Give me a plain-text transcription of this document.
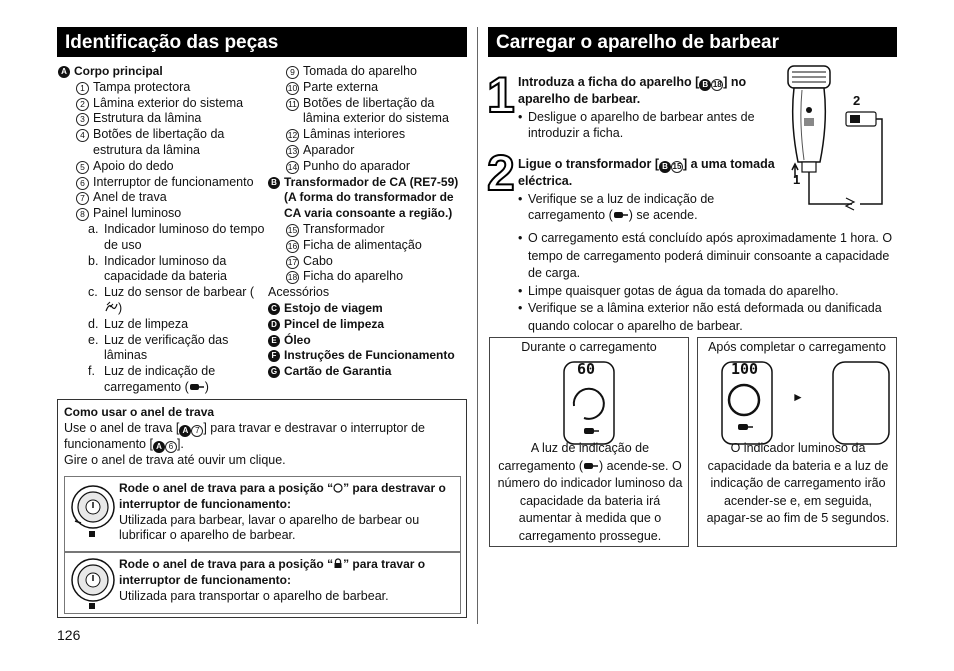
Identificação das peças
A Corpo principal
1 Tampa protectora
2 Lâmina exterior do sistema
3 Estrutura da lâmina
4 Botões de libertação da estrutura da lâmina
5 Apoio do dedo
6 Interruptor de funcionamento
7 Anel de trava
8 Painel luminoso
a. Indicador luminoso do tempo de uso
b. Indicador luminoso da capacidade da bateria
c. Luz do sensor de barbear ()
d. Luz de limpeza
e. Luz de verificação das lâminas
f. Luz de indicação de carregamento ( )
9 Tomada do aparelho
10 Parte externa
11 Botões de libertação da lâmina exterior do sistema
12 Lâminas interiores
13 Aparador
14 Punho do aparador
B Transformador de CA (RE7-59) (A forma do transformador de CA varia consoante a região.)
15 Transformador
16 Ficha de alimentação
17 Cabo
18 Ficha do aparelho
Acessórios
C Estojo de viagem
D Pincel de limpeza
E Óleo
F Instruções de Funcionamento
G Cartão de Garantia
Como usar o anel de trava
Use o anel de trava [ A 7 ] para travar e destravar o interruptor de
funcionamento [ A 6 ].
Gire o anel de trava até ouvir um clique.
Rode o anel de trava para a posição “ ” para destravar o interruptor de funcionamento:
Utilizada para barbear, lavar o aparelho de barbear ou lubrificar o aparelho de barbear.
Rode o anel de trava para a posição “ ” para travar o interruptor de funcionamento:
Utilizada para transportar o aparelho de barbear.
126
Carregar o aparelho de barbear
1 Introduza a ficha do aparelho [ B 18 ] no aparelho de barbear.
• Desligue o aparelho de barbear antes de introduzir a ficha.
2 Ligue o transformador [ B 15 ] a uma tomada eléctrica.
• Verifique se a luz de indicação de carregamento ( ) se acende.
• O carregamento está concluído após aproximadamente 1 hora. O tempo de carregamento poderá diminuir consoante a capacidade de carga.
• Limpe quaisquer gotas de água da tomada do aparelho.
• Verifique se a lâmina exterior não está deformada ou danificada quando colocar o aparelho de barbear.
2
1
Durante o carregamento
60
A luz de indicação de carregamento ( ) acende-se. O número do indicador luminoso da capacidade da bateria irá aumentar à medida que o carregamento prossegue.
Após completar o carregamento
100
►
O indicador luminoso da capacidade da bateria e a luz de indicação de carregamento irão acender-se e, em seguida, apagar-se ao fim de 5 segundos.
